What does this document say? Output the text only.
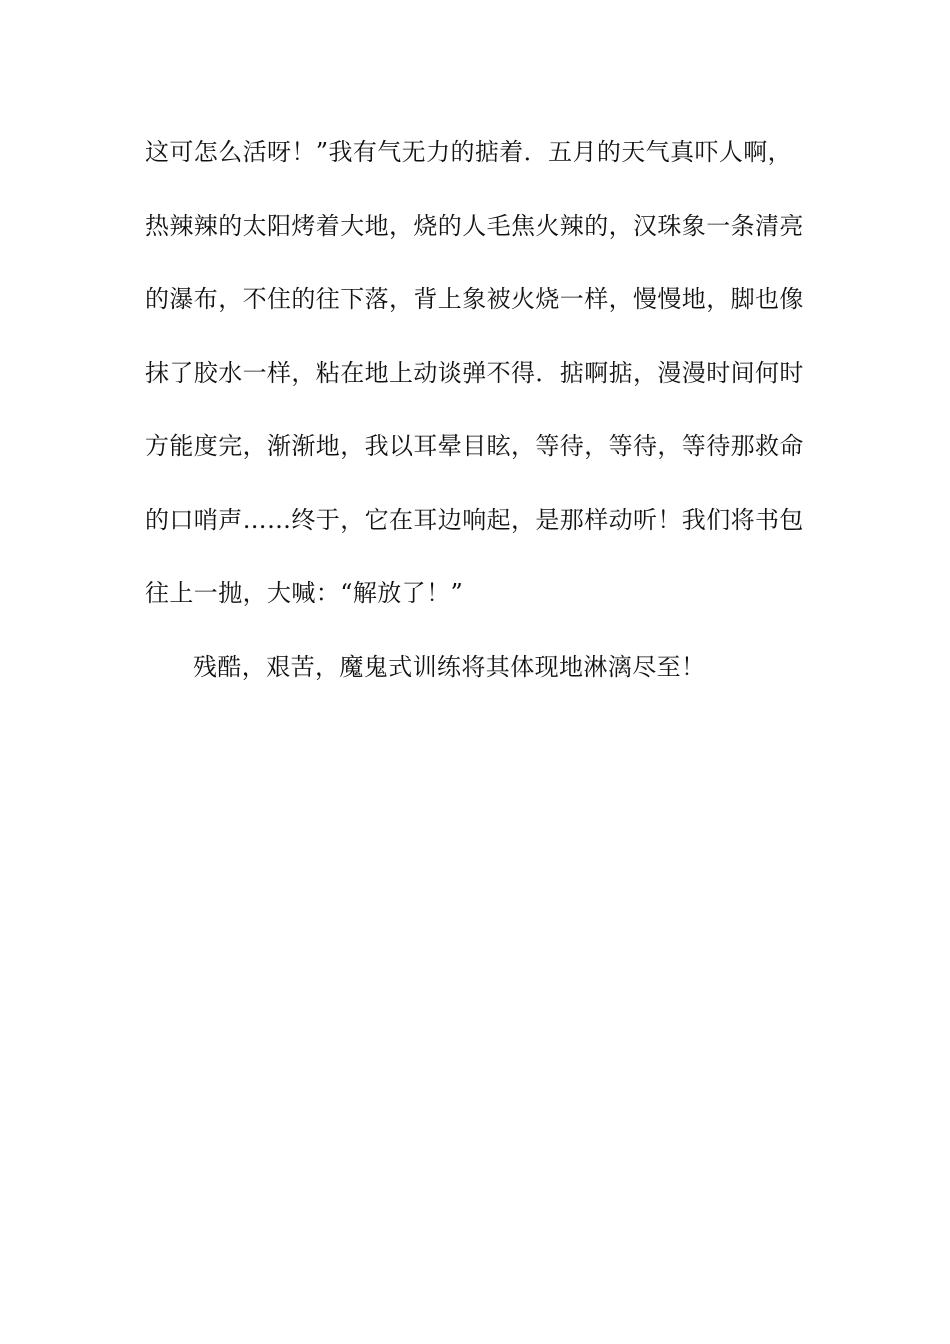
这可怎么活呀！”我有气无力的掂着．五月的天气真吓人啊，
热辣辣的太阳烤着大地，烧的人毛焦火辣的，汉珠象一条清亮
的瀑布，不住的往下落，背上象被火烧一样，慢慢地，脚也像
抹了胶水一样，粘在地上动谈弹不得．掂啊掂，漫漫时间何时
方能度完，渐渐地，我以耳晕目眩，等待，等待，等待那救命
的口哨声……终于，它在耳边响起，是那样动听！我们将书包
往上一抛，大喊：“解放了！”
残酷，艰苦，魔鬼式训练将其体现地淋漓尽至！
